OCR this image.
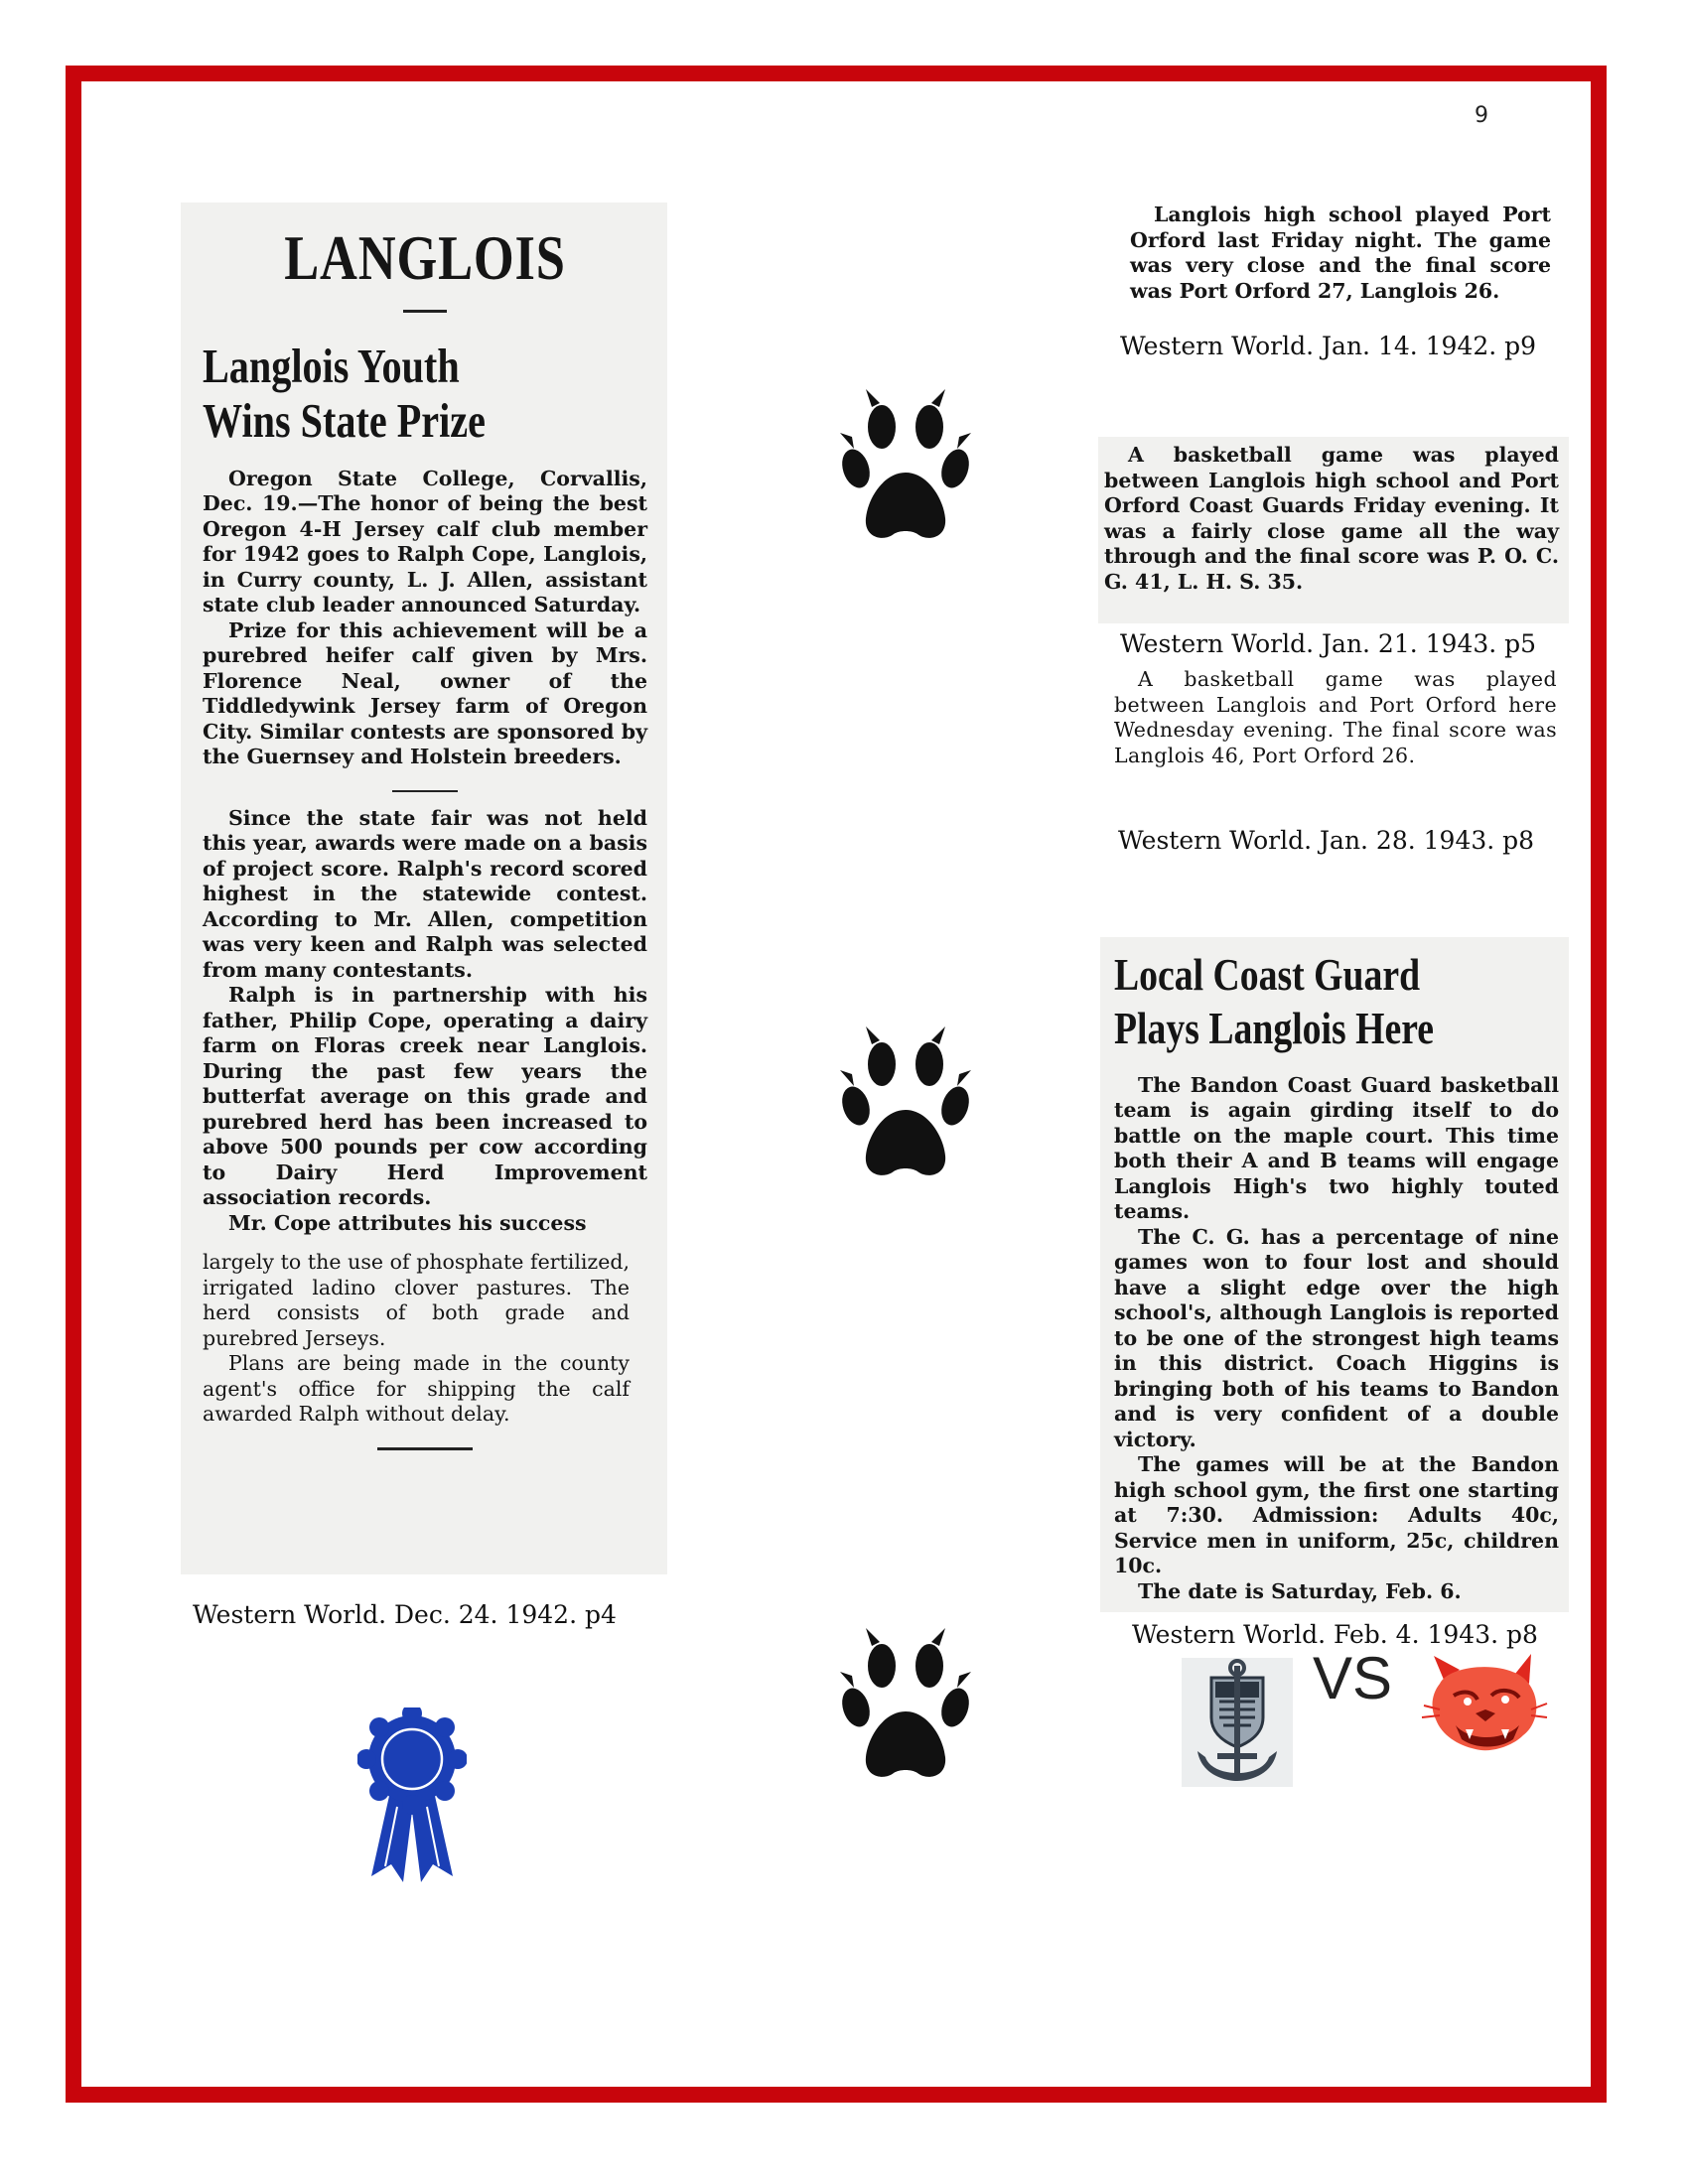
9
LANGLOIS
Langlois Youth
Wins State Prize

Oregon State College, Corvallis, Dec. 19.—The honor of being the best Oregon 4-H Jersey calf club member for 1942 goes to Ralph Cope, Langlois, in Curry county, L. J. Allen, assistant state club leader announced Saturday.

Prize for this achievement will be a purebred heifer calf given by Mrs. Florence Neal, owner of the Tiddledywink Jersey farm of Oregon City. Similar contests are sponsored by the Guernsey and Holstein breeders.

Since the state fair was not held this year, awards were made on a basis of project score. Ralph's record scored highest in the statewide contest. According to Mr. Allen, competition was very keen and Ralph was selected from many contestants.

Ralph is in partnership with his father, Philip Cope, operating a dairy farm on Floras creek near Langlois. During the past few years the butterfat average on this grade and purebred herd has been increased to above 500 pounds per cow according to Dairy Herd Improvement association records.

Mr. Cope attributes his success

largely to the use of phosphate fertilized, irrigated ladino clover pastures. The herd consists of both grade and purebred Jerseys.

Plans are being made in the county agent's office for shipping the calf awarded Ralph without delay.

Western World. Dec. 24. 1942. p4

Langlois high school played Port Orford last Friday night. The game was very close and the final score was Port Orford 27, Langlois 26.

Western World. Jan. 14. 1942. p9

A basketball game was played between Langlois high school and Port Orford Coast Guards Friday evening. It was a fairly close game all the way through and the final score was P. O. C. G. 41, L. H. S. 35.

Western World. Jan. 21. 1943. p5

A basketball game was played between Langlois and Port Orford here Wednesday evening. The final score was Langlois 46, Port Orford 26.

Western World. Jan. 28. 1943. p8
Local Coast Guard
Plays Langlois Here

The Bandon Coast Guard basketball team is again girding itself to do battle on the maple court. This time both their A and B teams will engage Langlois High's two highly touted teams.

The C. G. has a percentage of nine games won to four lost and should have a slight edge over the high school's, although Langlois is reported to be one of the strongest high teams in this district. Coach Higgins is bringing both of his teams to Bandon and is very confident of a double victory.

The games will be at the Bandon high school gym, the first one starting at 7:30. Admission: Adults 40c, Service men in uniform, 25c, children 10c.

The date is Saturday, Feb. 6.

Western World. Feb. 4. 1943. p8
VS
